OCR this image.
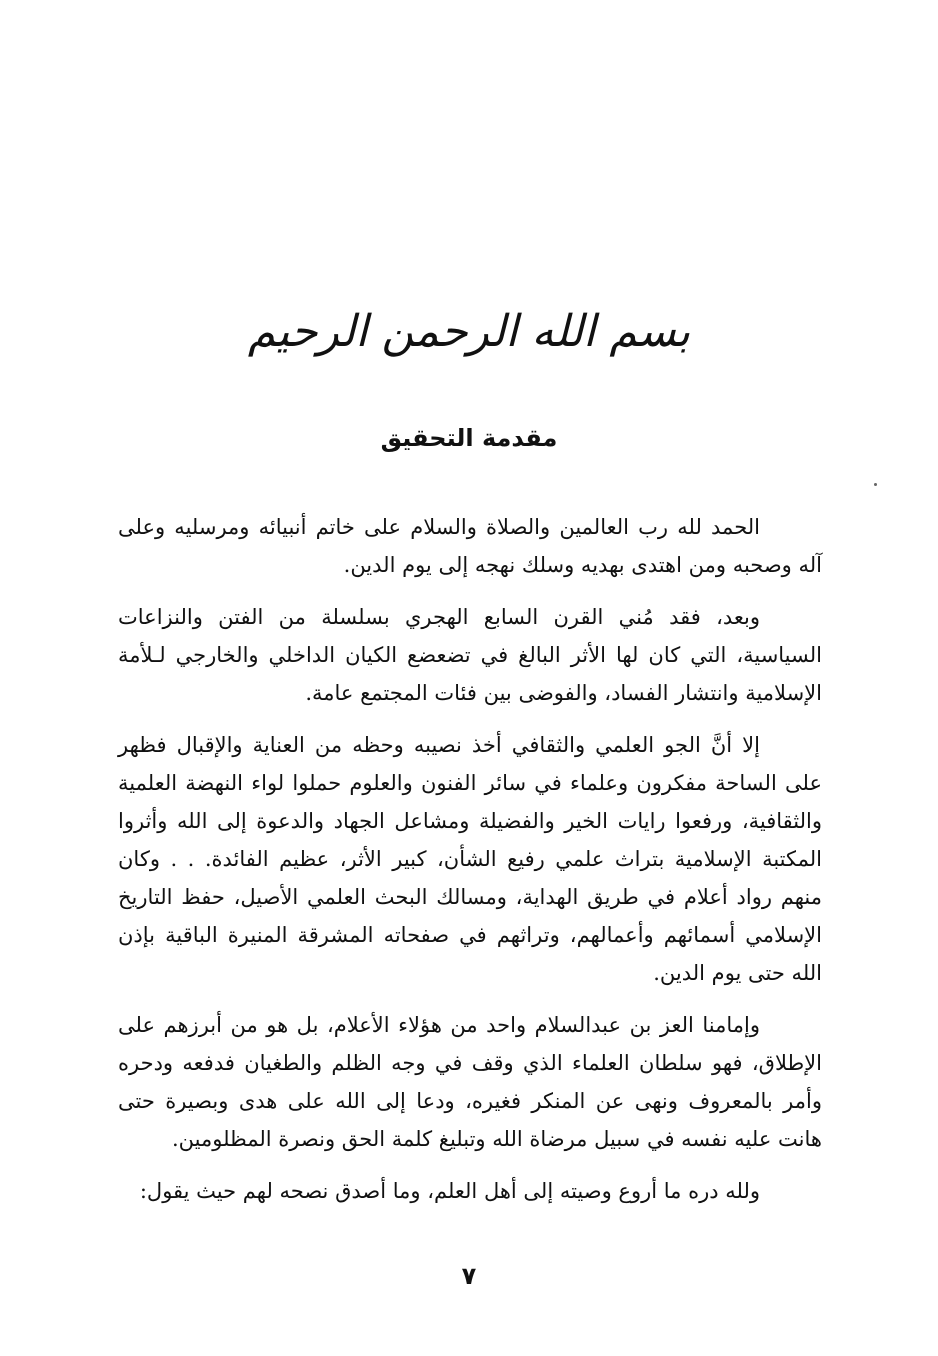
بسم الله الرحمن الرحيم
مقدمة التحقيق

الحمد لله رب العالمين والصلاة والسلام على خاتم أنبيائه ومرسليه وعلى آله وصحبه ومن اهتدى بهديه وسلك نهجه إلى يوم الدين.

وبعد، فقد مُني القرن السابع الهجري بسلسلة من الفتن والنزاعات السياسية، التي كان لها الأثر البالغ في تضعضع الكيان الداخلي والخارجي لـلأمة الإسلامية وانتشار الفساد، والفوضى بين فئات المجتمع عامة.

إلا أنَّ الجو العلمي والثقافي أخذ نصيبه وحظه من العناية والإقبال فظهر على الساحة مفكرون وعلماء في سائر الفنون والعلوم حملوا لواء النهضة العلمية والثقافية، ورفعوا رايات الخير والفضيلة ومشاعل الجهاد والدعوة إلى الله وأثروا المكتبة الإسلامية بتراث علمي رفيع الشأن، كبير الأثر، عظيم الفائدة. . . وكان منهم رواد أعلام في طريق الهداية، ومسالك البحث العلمي الأصيل، حفظ التاريخ الإسلامي أسمائهم وأعمالهم، وتراثهم في صفحاته المشرقة المنيرة الباقية بإذن الله حتى يوم الدين.

وإمامنا العز بن عبدالسلام واحد من هؤلاء الأعلام، بل هو من أبرزهم على الإطلاق، فهو سلطان العلماء الذي وقف في وجه الظلم والطغيان فدفعه ودحره وأمر بالمعروف ونهى عن المنكر فغيره، ودعا إلى الله على هدى وبصيرة حتى هانت عليه نفسه في سبيل مرضاة الله وتبليغ كلمة الحق ونصرة المظلومين.

ولله دره ما أروع وصيته إلى أهل العلم، وما أصدق نصحه لهم حيث يقول:

٧
